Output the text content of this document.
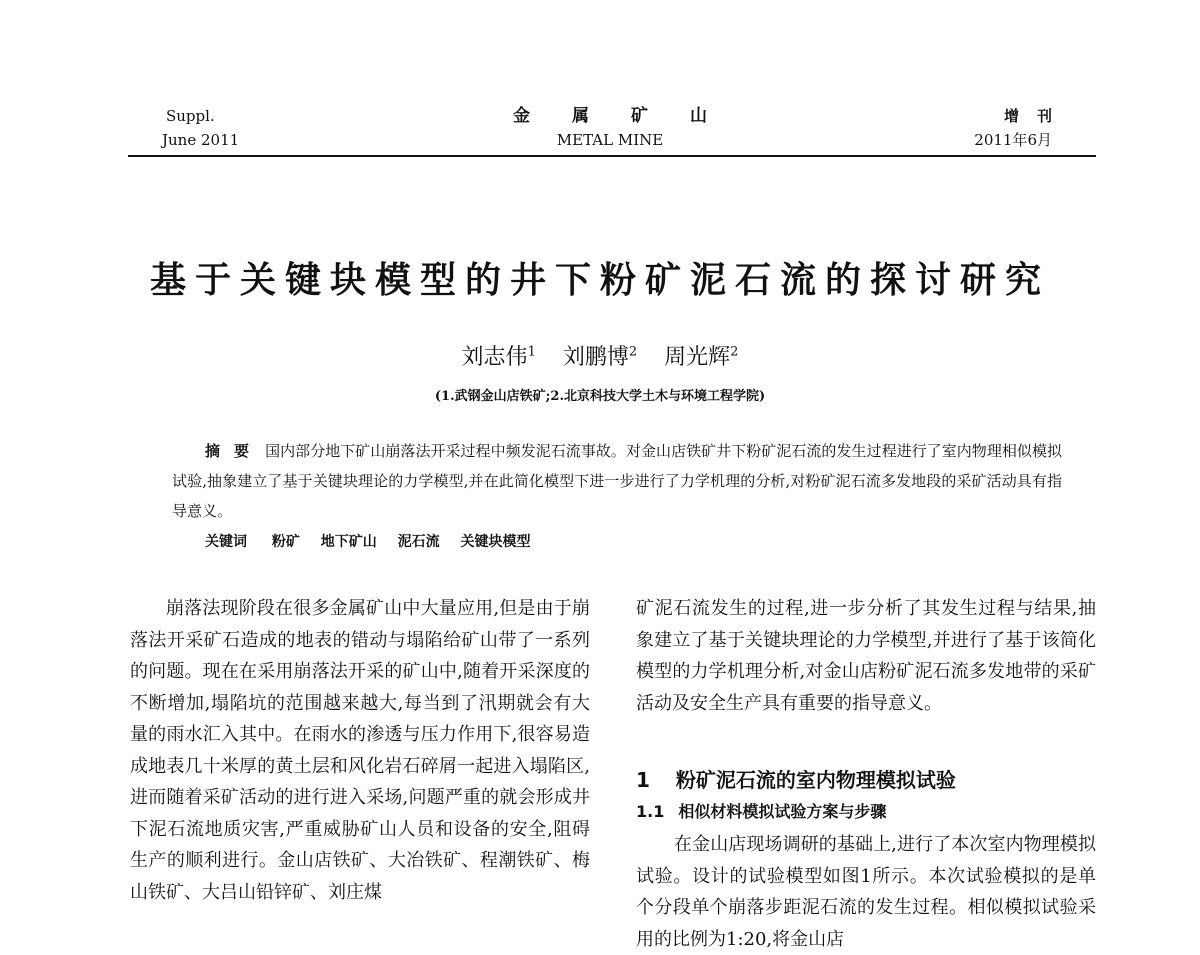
Suppl.
June 2011
金属矿山
METAL MINE
增刊
2011年6月
基于关键块模型的井下粉矿泥石流的探讨研究
刘志伟$^1$ 刘鹏博$^2$ 周光辉$^2$
(1.武钢金山店铁矿;2.北京科技大学土木与环境工程学院)
摘要 国内部分地下矿山崩落法开采过程中频发泥石流事故。对金山店铁矿井下粉矿泥石流的发生过程进行了室内物理相似模拟试验,抽象建立了基于关键块理论的力学模型,并在此简化模型下进一步进行了力学机理的分析,对粉矿泥石流多发地段的采矿活动具有指导意义。
关键词 粉矿 地下矿山 泥石流 关键块模型
崩落法现阶段在很多金属矿山中大量应用,但是由于崩落法开采矿石造成的地表的错动与塌陷给矿山带了一系列的问题。现在在采用崩落法开采的矿山中,随着开采深度的不断增加,塌陷坑的范围越来越大,每当到了汛期就会有大量的雨水汇入其中。在雨水的渗透与压力作用下,很容易造成地表几十米厚的黄土层和风化岩石碎屑一起进入塌陷区,进而随着采矿活动的进行进入采场,问题严重的就会形成井下泥石流地质灾害,严重威胁矿山人员和设备的安全,阻碍生产的顺利进行。金山店铁矿、大冶铁矿、程潮铁矿、梅山铁矿、大吕山铅锌矿、刘庄煤

矿泥石流发生的过程,进一步分析了其发生过程与结果,抽象建立了基于关键块理论的力学模型,并进行了基于该简化模型的力学机理分析,对金山店粉矿泥石流多发地带的采矿活动及安全生产具有重要的指导意义。

1 粉矿泥石流的室内物理模拟试验
1.1 相似材料模拟试验方案与步骤
在金山店现场调研的基础上,进行了本次室内物理模拟试验。设计的试验模型如图1所示。本次试验模拟的是单个分段单个崩落步距泥石流的发生过程。相似模拟试验采用的比例为1:20,将金山店
